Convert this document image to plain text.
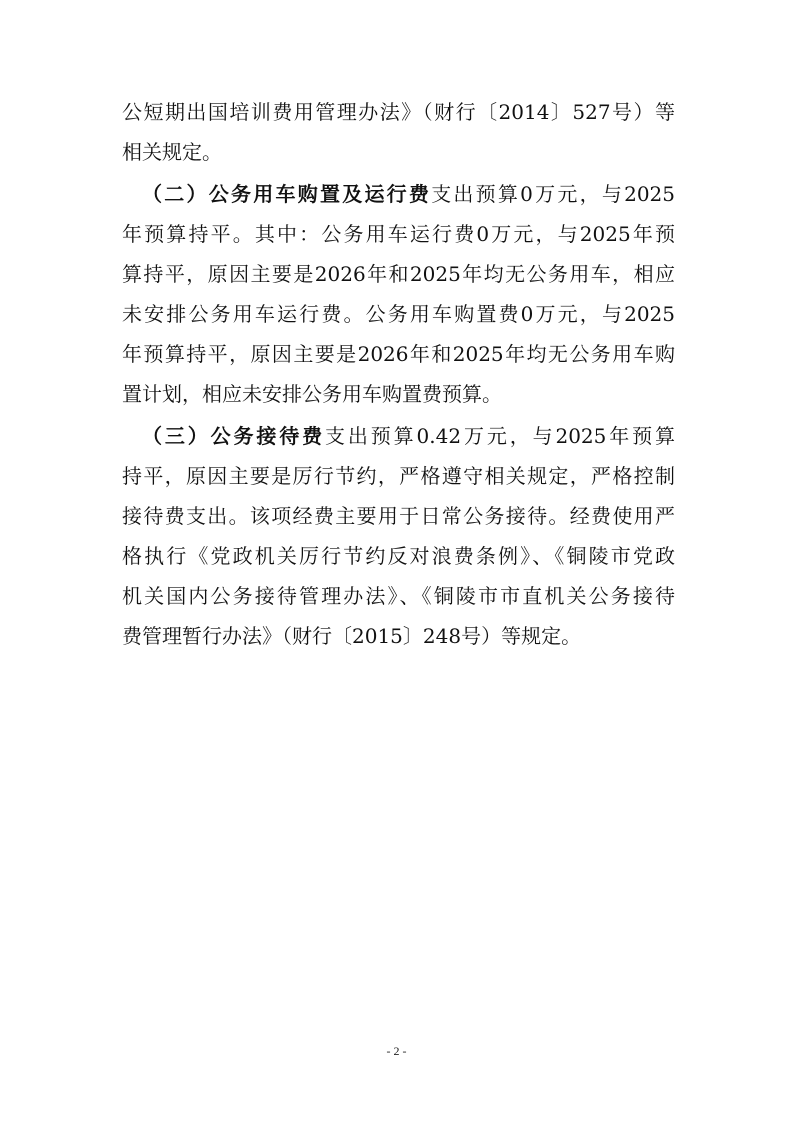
公短期出国培训费用管理办法》（财行〔2014〕527号）等
相关规定。
（二）公务用车购置及运行费支出预算0万元，与2025
年预算持平。其中：公务用车运行费0万元，与2025年预
算持平，原因主要是2026年和2025年均无公务用车，相应
未安排公务用车运行费。公务用车购置费0万元，与2025
年预算持平，原因主要是2026年和2025年均无公务用车购
置计划，相应未安排公务用车购置费预算。
（三）公务接待费支出预算0.42万元，与2025年预算
持平，原因主要是厉行节约，严格遵守相关规定，严格控制
接待费支出。该项经费主要用于日常公务接待。经费使用严
格执行《党政机关厉行节约反对浪费条例》、《铜陵市党政
机关国内公务接待管理办法》、《铜陵市市直机关公务接待
费管理暂行办法》（财行〔2015〕248号）等规定。
- 2 -
